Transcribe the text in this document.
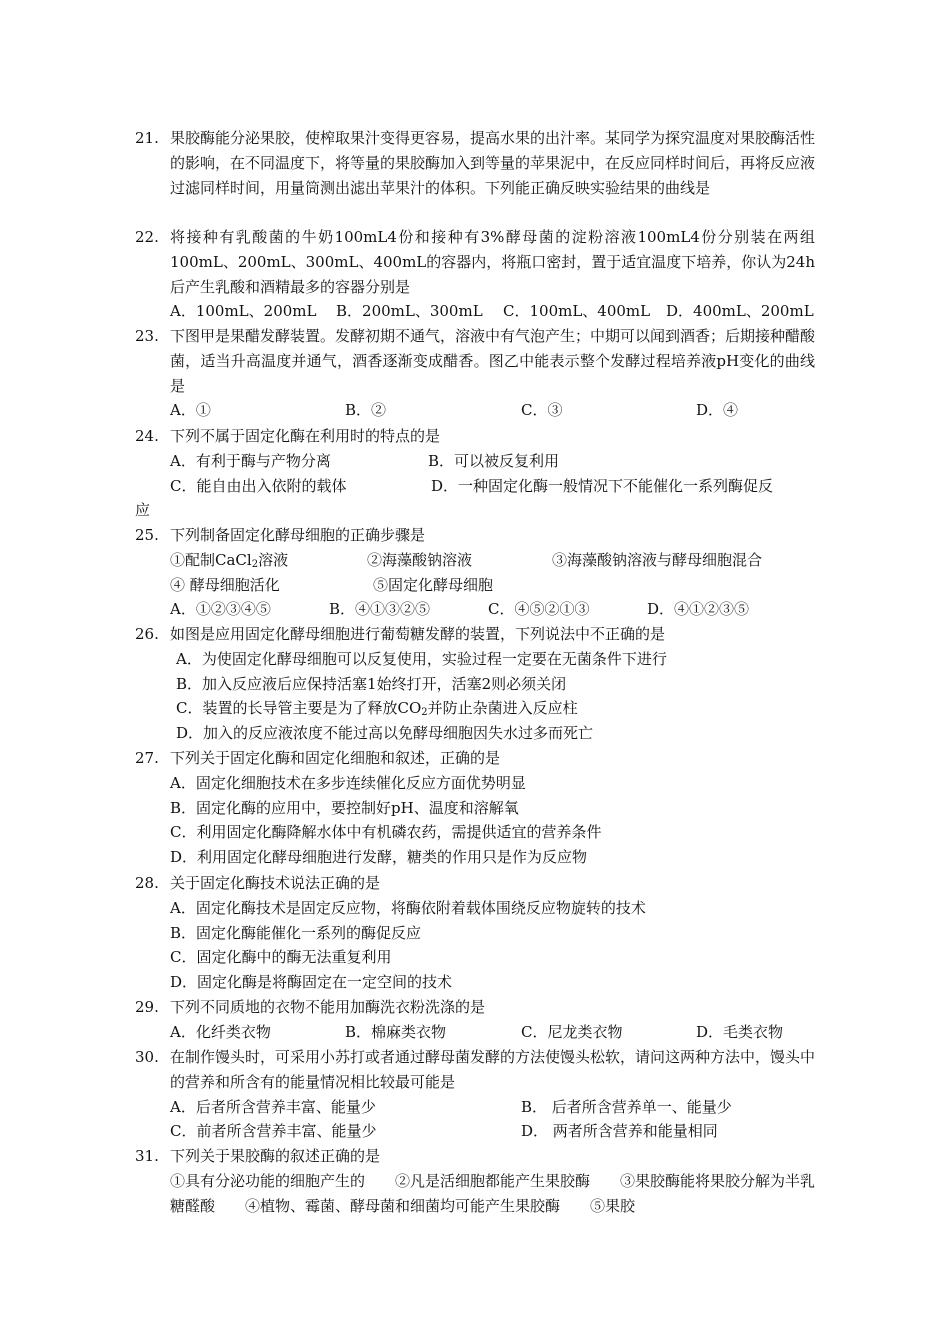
21. 果胶酶能分泌果胶，使榨取果汁变得更容易，提高水果的出汁率。某同学为探究温度对果胶酶活性的影响，在不同温度下，将等量的果胶酶加入到等量的苹果泥中，在反应同样时间后，再将反应液过滤同样时间，用量筒测出滤出苹果汁的体积。下列能正确反映实验结果的曲线是
22. 将接种有乳酸菌的牛奶100mL4份和接种有3%酵母菌的淀粉溶液100mL4份分别装在两组100mL、200mL、300mL、400mL的容器内，将瓶口密封，置于适宜温度下培养，你认为24h后产生乳酸和酒精最多的容器分别是
A．100mL、200mL B．200mL、300mL C．100mL、400mL D．400mL、200mL
23. 下图甲是果醋发酵装置。发酵初期不通气，溶液中有气泡产生；中期可以闻到酒香；后期接种醋酸菌，适当升高温度并通气，酒香逐渐变成醋香。图乙中能表示整个发酵过程培养液pH变化的曲线是
A．①	B．②	C．③	D．④
24. 下列不属于固定化酶在利用时的特点的是
A．有利于酶与产物分离	B．可以被反复利用
C．能自由出入依附的载体	D．一种固定化酶一般情况下不能催化一系列酶促反
应
25. 下列制备固定化酵母细胞的正确步骤是
①配制CaCl$_2$溶液	②海藻酸钠溶液	③海藻酸钠溶液与酵母细胞混合
④ 酵母细胞活化	⑤固定化酵母细胞
A．①②③④⑤	B．④①③②⑤	C．④⑤②①③	D．④①②③⑤
26. 如图是应用固定化酵母细胞进行葡萄糖发酵的装置，下列说法中不正确的是
A．为使固定化酵母细胞可以反复使用，实验过程一定要在无菌条件下进行
B．加入反应液后应保持活塞1始终打开，活塞2则必须关闭
C．装置的长导管主要是为了释放$CO_2$并防止杂菌进入反应柱
D．加入的反应液浓度不能过高以免酵母细胞因失水过多而死亡
27. 下列关于固定化酶和固定化细胞和叙述，正确的是
A．固定化细胞技术在多步连续催化反应方面优势明显
B．固定化酶的应用中，要控制好pH、温度和溶解氧
C．利用固定化酶降解水体中有机磷农药，需提供适宜的营养条件
D．利用固定化酵母细胞进行发酵，糖类的作用只是作为反应物
28. 关于固定化酶技术说法正确的是
A．固定化酶技术是固定反应物，将酶依附着载体围绕反应物旋转的技术
B．固定化酶能催化一系列的酶促反应
C．固定化酶中的酶无法重复利用
D．固定化酶是将酶固定在一定空间的技术
29. 下列不同质地的衣物不能用加酶洗衣粉洗涤的是
A．化纤类衣物	B．棉麻类衣物	C．尼龙类衣物	D．毛类衣物
30. 在制作馒头时，可采用小苏打或者通过酵母菌发酵的方法使馒头松软，请问这两种方法中，馒头中的营养和所含有的能量情况相比较最可能是
A．后者所含营养丰富、能量少	B． 后者所含营养单一、能量少
C．前者所含营养丰富、能量少	D． 两者所含营养和能量相同
31. 下列关于果胶酶的叙述正确的是
①具有分泌功能的细胞产生的　　②凡是活细胞都能产生果胶酶　　③果胶酶能将果胶分解为半乳糖醛酸　　④植物、霉菌、酵母菌和细菌均可能产生果胶酶　　⑤果胶
